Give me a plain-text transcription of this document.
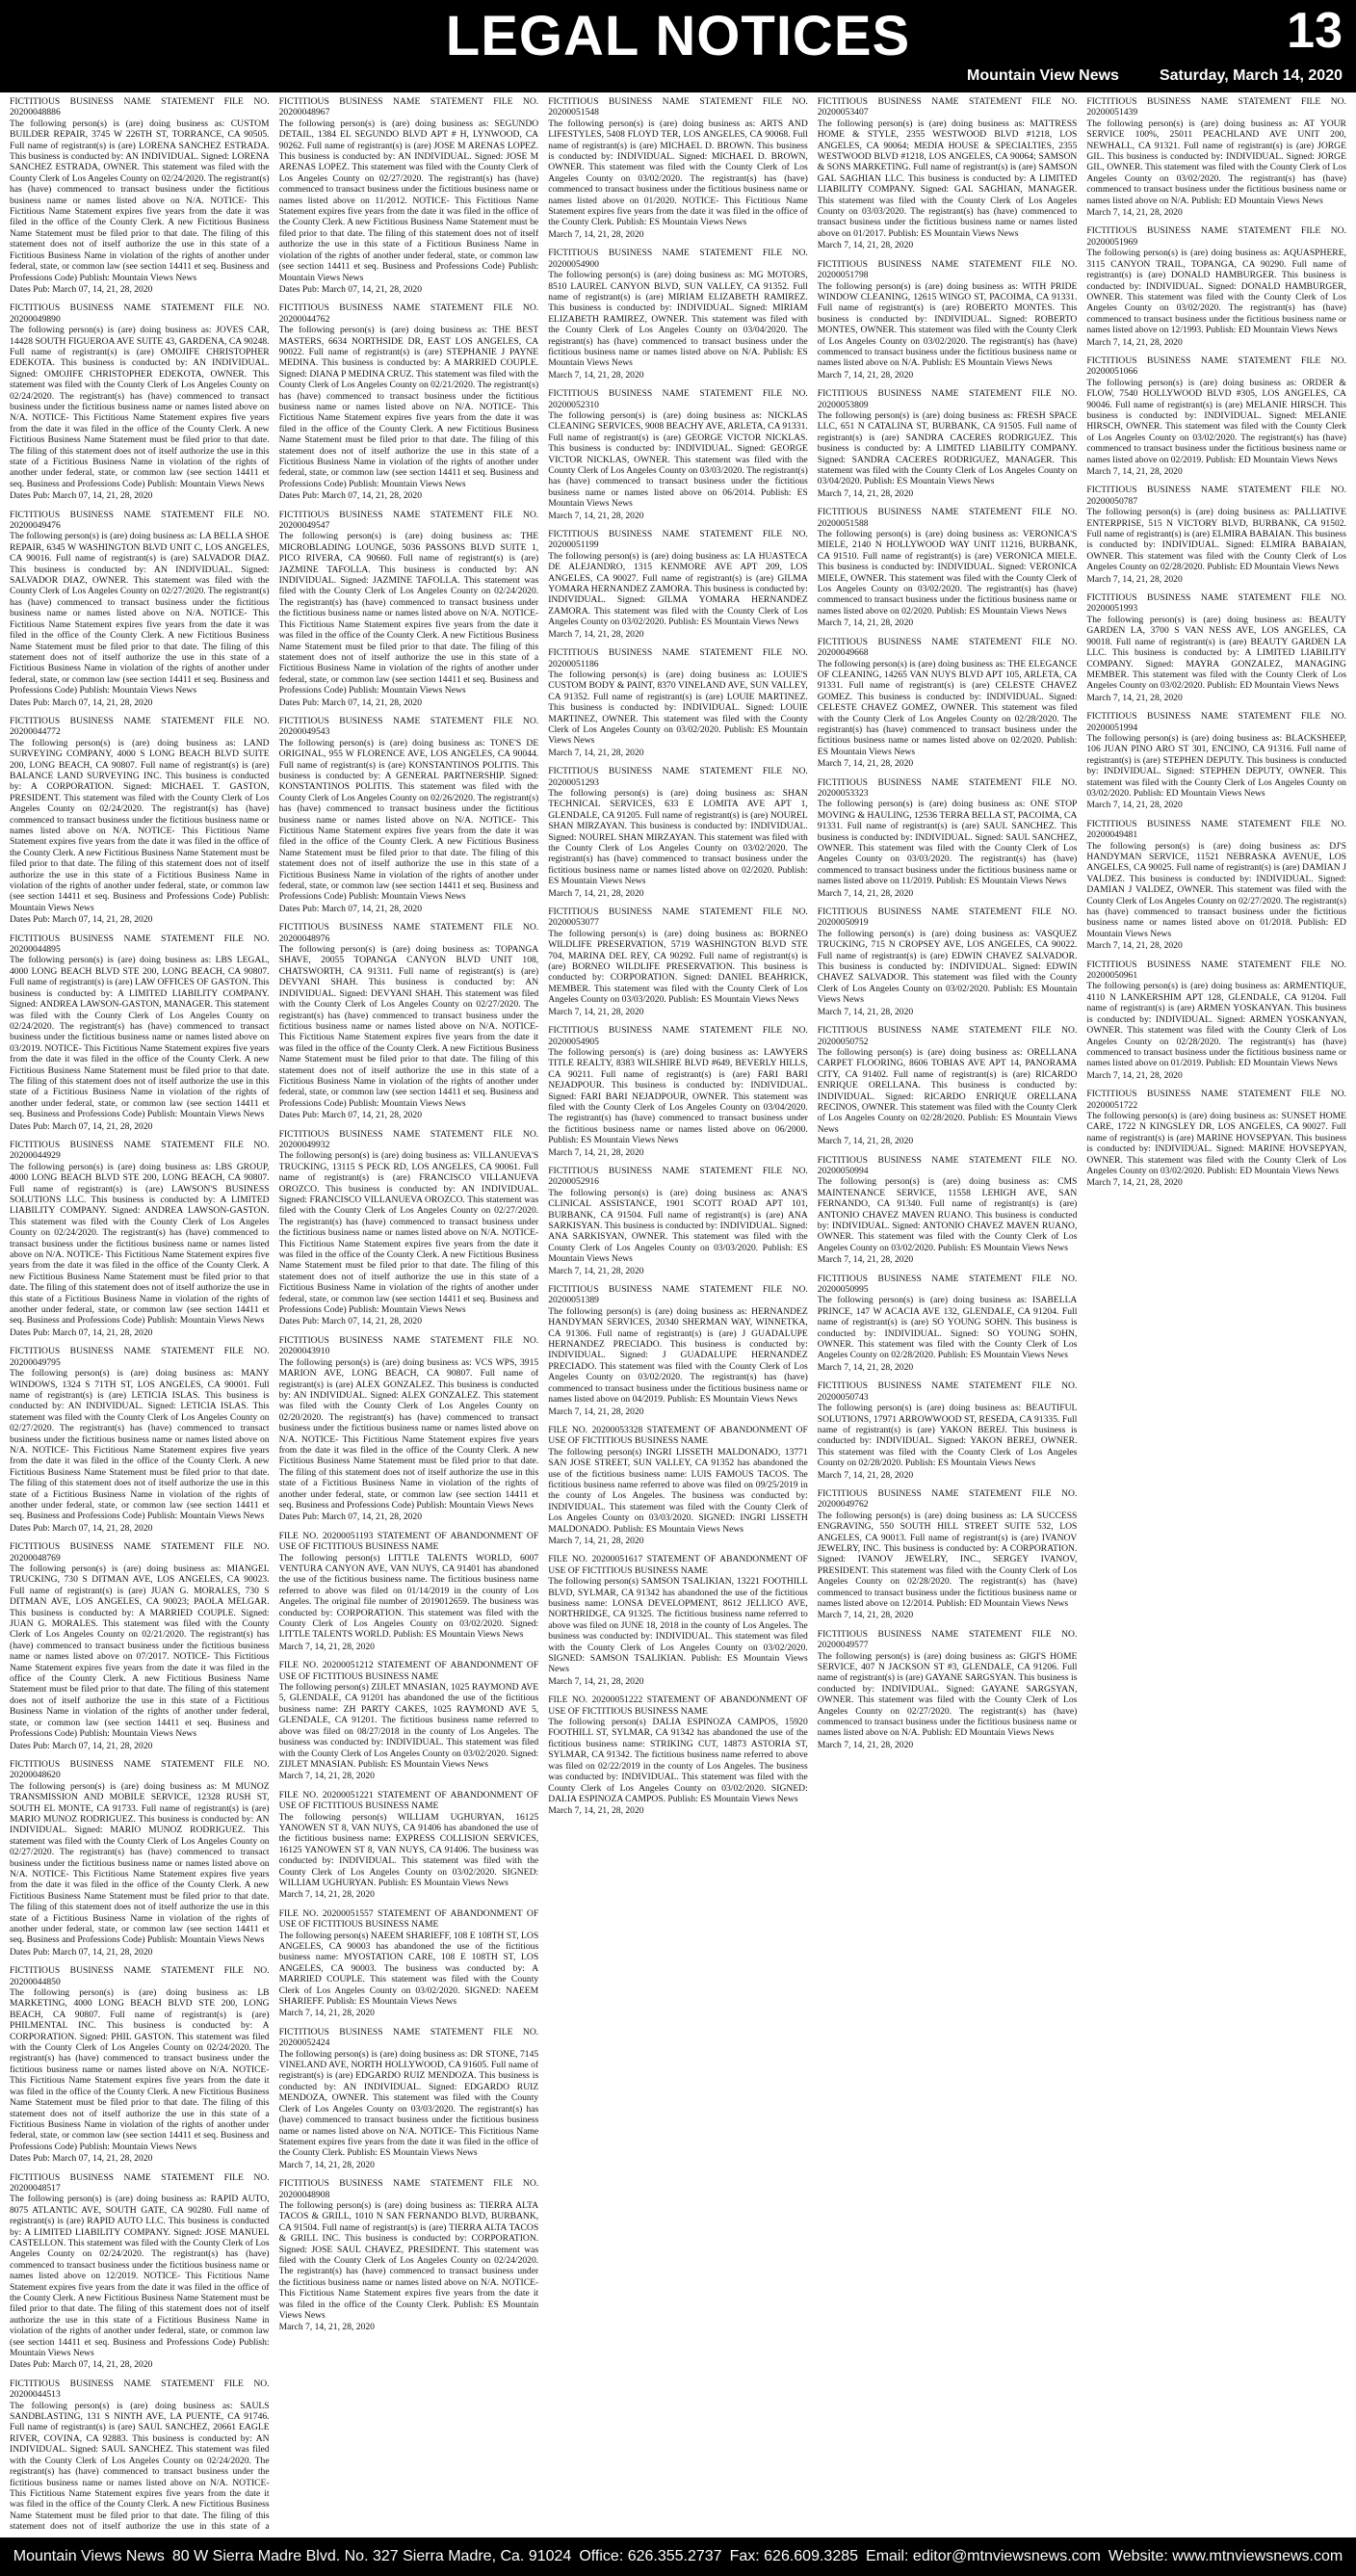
LEGAL NOTICES	13
Mountain View News	Saturday, March 14, 2020

FICTITIOUS BUSINESS NAME STATEMENT FILE NO. 20200048886

The following person(s) is (are) doing business as: CUSTOM BUILDER REPAIR, 3745 W 226TH ST, TORRANCE, CA 90505. Full name of registrant(s) is (are) LORENA SANCHEZ ESTRADA. This business is conducted by: AN INDIVIDUAL. Signed: LORENA SANCHEZ ESTRADA, OWNER. This statement was filed with the County Clerk of Los Angeles County on 02/24/2020. The registrant(s) has (have) commenced to transact business under the fictitious business name or names listed above on N/A. NOTICE- This Fictitious Name Statement expires five years from the date it was filed in the office of the County Clerk. A new Fictitious Business Name Statement must be filed prior to that date. The filing of this statement does not of itself authorize the use in this state of a Fictitious Business Name in violation of the rights of another under federal, state, or common law (see section 14411 et seq. Business and Professions Code) Publish: Mountain Views News

Dates Pub: March 07, 14, 21, 28, 2020

FICTITIOUS BUSINESS NAME STATEMENT FILE NO. 20200049890

The following person(s) is (are) doing business as: JOVES CAR, 14428 SOUTH FIGUEROA AVE SUITE 43, GARDENA, CA 90248. Full name of registrant(s) is (are) OMOJIFE CHRISTOPHER EDEKOTA. This business is conducted by: AN INDIVIDUAL. Signed: OMOJIFE CHRISTOPHER EDEKOTA, OWNER. This statement was filed with the County Clerk of Los Angeles County on 02/24/2020. The registrant(s) has (have) commenced to transact business under the fictitious business name or names listed above on N/A. NOTICE- This Fictitious Name Statement expires five years from the date it was filed in the office of the County Clerk. A new Fictitious Business Name Statement must be filed prior to that date. The filing of this statement does not of itself authorize the use in this state of a Fictitious Business Name in violation of the rights of another under federal, state, or common law (see section 14411 et seq. Business and Professions Code) Publish: Mountain Views News

Dates Pub: March 07, 14, 21, 28, 2020

FICTITIOUS BUSINESS NAME STATEMENT FILE NO. 20200049476

The following person(s) is (are) doing business as: LA BELLA SHOE REPAIR, 6345 W WASHINGTON BLVD UNIT C, LOS ANGELES, CA 90016. Full name of registrant(s) is (are) SALVADOR DIAZ. This business is conducted by: AN INDIVIDUAL. Signed: SALVADOR DIAZ, OWNER. This statement was filed with the County Clerk of Los Angeles County on 02/27/2020. The registrant(s) has (have) commenced to transact business under the fictitious business name or names listed above on N/A. NOTICE- This Fictitious Name Statement expires five years from the date it was filed in the office of the County Clerk. A new Fictitious Business Name Statement must be filed prior to that date. The filing of this statement does not of itself authorize the use in this state of a Fictitious Business Name in violation of the rights of another under federal, state, or common law (see section 14411 et seq. Business and Professions Code) Publish: Mountain Views News

Dates Pub: March 07, 14, 21, 28, 2020

FICTITIOUS BUSINESS NAME STATEMENT FILE NO. 20200044772

The following person(s) is (are) doing business as: LAND SURVEYING COMPANY, 4000 S LONG BEACH BLVD SUITE 200, LONG BEACH, CA 90807. Full name of registrant(s) is (are) BALANCE LAND SURVEYING INC. This business is conducted by: A CORPORATION. Signed: MICHAEL T. GASTON, PRESIDENT. This statement was filed with the County Clerk of Los Angeles County on 02/24/2020. The registrant(s) has (have) commenced to transact business under the fictitious business name or names listed above on N/A. NOTICE- This Fictitious Name Statement expires five years from the date it was filed in the office of the County Clerk. A new Fictitious Business Name Statement must be filed prior to that date. The filing of this statement does not of itself authorize the use in this state of a Fictitious Business Name in violation of the rights of another under federal, state, or common law (see section 14411 et seq. Business and Professions Code) Publish: Mountain Views News

Dates Pub: March 07, 14, 21, 28, 2020

FICTITIOUS BUSINESS NAME STATEMENT FILE NO. 20200044895

The following person(s) is (are) doing business as: LBS LEGAL, 4000 LONG BEACH BLVD STE 200, LONG BEACH, CA 90807. Full name of registrant(s) is (are) LAW OFFICES OF GASTON. This business is conducted by: A LIMITED LIABILITY COMPANY. Signed: ANDREA LAWSON-GASTON, MANAGER. This statement was filed with the County Clerk of Los Angeles County on 02/24/2020. The registrant(s) has (have) commenced to transact business under the fictitious business name or names listed above on 03/2019. NOTICE- This Fictitious Name Statement expires five years from the date it was filed in the office of the County Clerk. A new Fictitious Business Name Statement must be filed prior to that date. The filing of this statement does not of itself authorize the use in this state of a Fictitious Business Name in violation of the rights of another under federal, state, or common law (see section 14411 et seq. Business and Professions Code) Publish: Mountain Views News

Dates Pub: March 07, 14, 21, 28, 2020

FICTITIOUS BUSINESS NAME STATEMENT FILE NO. 20200044929

The following person(s) is (are) doing business as: LBS GROUP, 4000 LONG BEACH BLVD STE 200, LONG BEACH, CA 90807. Full name of registrant(s) is (are) LAWSON'S BUSINESS SOLUTIONS LLC. This business is conducted by: A LIMITED LIABILITY COMPANY. Signed: ANDREA LAWSON-GASTON. This statement was filed with the County Clerk of Los Angeles County on 02/24/2020. The registrant(s) has (have) commenced to transact business under the fictitious business name or names listed above on N/A. NOTICE- This Fictitious Name Statement expires five years from the date it was filed in the office of the County Clerk. A new Fictitious Business Name Statement must be filed prior to that date. The filing of this statement does not of itself authorize the use in this state of a Fictitious Business Name in violation of the rights of another under federal, state, or common law (see section 14411 et seq. Business and Professions Code) Publish: Mountain Views News

Dates Pub: March 07, 14, 21, 28, 2020

FICTITIOUS BUSINESS NAME STATEMENT FILE NO. 20200049795

The following person(s) is (are) doing business as: MANY WINDOWS, 1324 S 71TH ST, LOS ANGELES, CA 90001. Full name of registrant(s) is (are) LETICIA ISLAS. This business is conducted by: AN INDIVIDUAL. Signed: LETICIA ISLAS. This statement was filed with the County Clerk of Los Angeles County on 02/27/2020. The registrant(s) has (have) commenced to transact business under the fictitious business name or names listed above on N/A. NOTICE- This Fictitious Name Statement expires five years from the date it was filed in the office of the County Clerk. A new Fictitious Business Name Statement must be filed prior to that date. The filing of this statement does not of itself authorize the use in this state of a Fictitious Business Name in violation of the rights of another under federal, state, or common law (see section 14411 et seq. Business and Professions Code) Publish: Mountain Views News

Dates Pub: March 07, 14, 21, 28, 2020

FICTITIOUS BUSINESS NAME STATEMENT FILE NO. 20200048769

The following person(s) is (are) doing business as: MIANGEL TRUCKING, 730 S DITMAN AVE, LOS ANGELES, CA 90023. Full name of registrant(s) is (are) JUAN G. MORALES, 730 S DITMAN AVE, LOS ANGELES, CA 90023; PAOLA MELGAR. This business is conducted by: A MARRIED COUPLE. Signed: JUAN G. MORALES. This statement was filed with the County Clerk of Los Angeles County on 02/21/2020. The registrant(s) has (have) commenced to transact business under the fictitious business name or names listed above on 07/2017. NOTICE- This Fictitious Name Statement expires five years from the date it was filed in the office of the County Clerk. A new Fictitious Business Name Statement must be filed prior to that date. The filing of this statement does not of itself authorize the use in this state of a Fictitious Business Name in violation of the rights of another under federal, state, or common law (see section 14411 et seq. Business and Professions Code) Publish: Mountain Views News

Dates Pub: March 07, 14, 21, 28, 2020

FICTITIOUS BUSINESS NAME STATEMENT FILE NO. 20200048620

The following person(s) is (are) doing business as: M MUNOZ TRANSMISSION AND MOBILE SERVICE, 12328 RUSH ST, SOUTH EL MONTE, CA 91733. Full name of registrant(s) is (are) MARIO MUNOZ RODRIGUEZ. This business is conducted by: AN INDIVIDUAL. Signed: MARIO MUNOZ RODRIGUEZ. This statement was filed with the County Clerk of Los Angeles County on 02/27/2020. The registrant(s) has (have) commenced to transact business under the fictitious business name or names listed above on N/A. NOTICE- This Fictitious Name Statement expires five years from the date it was filed in the office of the County Clerk. A new Fictitious Business Name Statement must be filed prior to that date. The filing of this statement does not of itself authorize the use in this state of a Fictitious Business Name in violation of the rights of another under federal, state, or common law (see section 14411 et seq. Business and Professions Code) Publish: Mountain Views News

Dates Pub: March 07, 14, 21, 28, 2020

FICTITIOUS BUSINESS NAME STATEMENT FILE NO. 20200044850

The following person(s) is (are) doing business as: LB MARKETING, 4000 LONG BEACH BLVD STE 200, LONG BEACH, CA 90807. Full name of registrant(s) is (are) PHILMENTAL INC. This business is conducted by: A CORPORATION. Signed: PHIL GASTON. This statement was filed with the County Clerk of Los Angeles County on 02/24/2020. The registrant(s) has (have) commenced to transact business under the fictitious business name or names listed above on N/A. NOTICE- This Fictitious Name Statement expires five years from the date it was filed in the office of the County Clerk. A new Fictitious Business Name Statement must be filed prior to that date. The filing of this statement does not of itself authorize the use in this state of a Fictitious Business Name in violation of the rights of another under federal, state, or common law (see section 14411 et seq. Business and Professions Code) Publish: Mountain Views News

Dates Pub: March 07, 14, 21, 28, 2020

FICTITIOUS BUSINESS NAME STATEMENT FILE NO. 20200048517

The following person(s) is (are) doing business as: RAPID AUTO, 8075 ATLANTIC AVE, SOUTH GATE, CA 90280. Full name of registrant(s) is (are) RAPID AUTO LLC. This business is conducted by: A LIMITED LIABILITY COMPANY. Signed: JOSE MANUEL CASTELLON. This statement was filed with the County Clerk of Los Angeles County on 02/24/2020. The registrant(s) has (have) commenced to transact business under the fictitious business name or names listed above on 12/2019. NOTICE- This Fictitious Name Statement expires five years from the date it was filed in the office of the County Clerk. A new Fictitious Business Name Statement must be filed prior to that date. The filing of this statement does not of itself authorize the use in this state of a Fictitious Business Name in violation of the rights of another under federal, state, or common law (see section 14411 et seq. Business and Professions Code) Publish: Mountain Views News

Dates Pub: March 07, 14, 21, 28, 2020

FICTITIOUS BUSINESS NAME STATEMENT FILE NO. 20200044513

The following person(s) is (are) doing business as: SAULS SANDBLASTING, 131 S NINTH AVE, LA PUENTE, CA 91746. Full name of registrant(s) is (are) SAUL SANCHEZ, 20661 EAGLE RIVER, COVINA, CA 92883. This business is conducted by: AN INDIVIDUAL. Signed: SAUL SANCHEZ. This statement was filed with the County Clerk of Los Angeles County on 02/24/2020. The registrant(s) has (have) commenced to transact business under the fictitious business name or names listed above on N/A. NOTICE- This Fictitious Name Statement expires five years from the date it was filed in the office of the County Clerk. A new Fictitious Business Name Statement must be filed prior to that date. The filing of this statement does not of itself authorize the use in this state of a

FICTITIOUS BUSINESS NAME STATEMENT FILE NO. 20200048967

The following person(s) is (are) doing business as: SEGUNDO DETAIL, 1384 EL SEGUNDO BLVD APT # H, LYNWOOD, CA 90262. Full name of registrant(s) is (are) JOSE M ARENAS LOPEZ. This business is conducted by: AN INDIVIDUAL. Signed: JOSE M ARENAS LOPEZ. This statement was filed with the County Clerk of Los Angeles County on 02/27/2020. The registrant(s) has (have) commenced to transact business under the fictitious business name or names listed above on 11/2012. NOTICE- This Fictitious Name Statement expires five years from the date it was filed in the office of the County Clerk. A new Fictitious Business Name Statement must be filed prior to that date. The filing of this statement does not of itself authorize the use in this state of a Fictitious Business Name in violation of the rights of another under federal, state, or common law (see section 14411 et seq. Business and Professions Code) Publish: Mountain Views News

Dates Pub: March 07, 14, 21, 28, 2020

FICTITIOUS BUSINESS NAME STATEMENT FILE NO. 20200044762

The following person(s) is (are) doing business as: THE BEST MASTERS, 6634 NORTHSIDE DR, EAST LOS ANGELES, CA 90022. Full name of registrant(s) is (are) STEPHANIE J PAYNE MEDINA. This business is conducted by: A MARRIED COUPLE. Signed: DIANA P MEDINA CRUZ. This statement was filed with the County Clerk of Los Angeles County on 02/21/2020. The registrant(s) has (have) commenced to transact business under the fictitious business name or names listed above on N/A. NOTICE- This Fictitious Name Statement expires five years from the date it was filed in the office of the County Clerk. A new Fictitious Business Name Statement must be filed prior to that date. The filing of this statement does not of itself authorize the use in this state of a Fictitious Business Name in violation of the rights of another under federal, state, or common law (see section 14411 et seq. Business and Professions Code) Publish: Mountain Views News

Dates Pub: March 07, 14, 21, 28, 2020

FICTITIOUS BUSINESS NAME STATEMENT FILE NO. 20200049547

The following person(s) is (are) doing business as: THE MICROBLADING LOUNGE, 5036 PASSONS BLVD SUITE 1, PICO RIVERA, CA 90660. Full name of registrant(s) is (are) JAZMINE TAFOLLA. This business is conducted by: AN INDIVIDUAL. Signed: JAZMINE TAFOLLA. This statement was filed with the County Clerk of Los Angeles County on 02/24/2020. The registrant(s) has (have) commenced to transact business under the fictitious business name or names listed above on N/A. NOTICE- This Fictitious Name Statement expires five years from the date it was filed in the office of the County Clerk. A new Fictitious Business Name Statement must be filed prior to that date. The filing of this statement does not of itself authorize the use in this state of a Fictitious Business Name in violation of the rights of another under federal, state, or common law (see section 14411 et seq. Business and Professions Code) Publish: Mountain Views News

Dates Pub: March 07, 14, 21, 28, 2020

FICTITIOUS BUSINESS NAME STATEMENT FILE NO. 20200049543

The following person(s) is (are) doing business as: TONE'S DE ORIGINAL, 955 W FLORENCE AVE, LOS ANGELES, CA 90044. Full name of registrant(s) is (are) KONSTANTINOS POLITIS. This business is conducted by: A GENERAL PARTNERSHIP. Signed: KONSTANTINOS POLITIS. This statement was filed with the County Clerk of Los Angeles County on 02/26/2020. The registrant(s) has (have) commenced to transact business under the fictitious business name or names listed above on N/A. NOTICE- This Fictitious Name Statement expires five years from the date it was filed in the office of the County Clerk. A new Fictitious Business Name Statement must be filed prior to that date. The filing of this statement does not of itself authorize the use in this state of a Fictitious Business Name in violation of the rights of another under federal, state, or common law (see section 14411 et seq. Business and Professions Code) Publish: Mountain Views News

Dates Pub: March 07, 14, 21, 28, 2020

FICTITIOUS BUSINESS NAME STATEMENT FILE NO. 20200048976

The following person(s) is (are) doing business as: TOPANGA SHAVE, 20055 TOPANGA CANYON BLVD UNIT 108, CHATSWORTH, CA 91311. Full name of registrant(s) is (are) DEVYANI SHAH. This business is conducted by: AN INDIVIDUAL. Signed: DEVYANI SHAH. This statement was filed with the County Clerk of Los Angeles County on 02/27/2020. The registrant(s) has (have) commenced to transact business under the fictitious business name or names listed above on N/A. NOTICE- This Fictitious Name Statement expires five years from the date it was filed in the office of the County Clerk. A new Fictitious Business Name Statement must be filed prior to that date. The filing of this statement does not of itself authorize the use in this state of a Fictitious Business Name in violation of the rights of another under federal, state, or common law (see section 14411 et seq. Business and Professions Code) Publish: Mountain Views News

Dates Pub: March 07, 14, 21, 28, 2020

FICTITIOUS BUSINESS NAME STATEMENT FILE NO. 20200049932

The following person(s) is (are) doing business as: VILLANUEVA'S TRUCKING, 13115 S PECK RD, LOS ANGELES, CA 90061. Full name of registrant(s) is (are) FRANCISCO VILLANUEVA OROZCO. This business is conducted by: AN INDIVIDUAL. Signed: FRANCISCO VILLANUEVA OROZCO. This statement was filed with the County Clerk of Los Angeles County on 02/27/2020. The registrant(s) has (have) commenced to transact business under the fictitious business name or names listed above on N/A. NOTICE- This Fictitious Name Statement expires five years from the date it was filed in the office of the County Clerk. A new Fictitious Business Name Statement must be filed prior to that date. The filing of this statement does not of itself authorize the use in this state of a Fictitious Business Name in violation of the rights of another under federal, state, or common law (see section 14411 et seq. Business and Professions Code) Publish: Mountain Views News

Dates Pub: March 07, 14, 21, 28, 2020

FICTITIOUS BUSINESS NAME STATEMENT FILE NO. 20200043910

The following person(s) is (are) doing business as: VCS WPS, 3915 MARION AVE, LONG BEACH, CA 90807. Full name of registrant(s) is (are) ALEX GONZALEZ. This business is conducted by: AN INDIVIDUAL. Signed: ALEX GONZALEZ. This statement was filed with the County Clerk of Los Angeles County on 02/20/2020. The registrant(s) has (have) commenced to transact business under the fictitious business name or names listed above on N/A. NOTICE- This Fictitious Name Statement expires five years from the date it was filed in the office of the County Clerk. A new Fictitious Business Name Statement must be filed prior to that date. The filing of this statement does not of itself authorize the use in this state of a Fictitious Business Name in violation of the rights of another under federal, state, or common law (see section 14411 et seq. Business and Professions Code) Publish: Mountain Views News

Dates Pub: March 07, 14, 21, 28, 2020

FILE NO. 20200051193 STATEMENT OF ABANDONMENT OF USE OF FICTITIOUS BUSINESS NAME

The following person(s) LITTLE TALENTS WORLD, 6007 VENTURA CANYON AVE, VAN NUYS, CA 91401 has abandoned the use of the fictitious business name. The fictitious business name referred to above was filed on 01/14/2019 in the county of Los Angeles. The original file number of 2019012659. The business was conducted by: CORPORATION. This statement was filed with the County Clerk of Los Angeles County on 03/02/2020. Signed: LITTLE TALENTS WORLD. Publish: ES Mountain Views News

March 7, 14, 21, 28, 2020

FILE NO. 20200051212 STATEMENT OF ABANDONMENT OF USE OF FICTITIOUS BUSINESS NAME

The following person(s) ZIJLET MNASIAN, 1025 RAYMOND AVE 5, GLENDALE, CA 91201 has abandoned the use of the fictitious business name: ZH PARTY CAKES, 1025 RAYMOND AVE 5, GLENDALE, CA 91201. The fictitious business name referred to above was filed on 08/27/2018 in the county of Los Angeles. The business was conducted by: INDIVIDUAL. This statement was filed with the County Clerk of Los Angeles County on 03/02/2020. Signed: ZIJLET MNASIAN. Publish: ES Mountain Views News

March 7, 14, 21, 28, 2020

FILE NO. 20200051221 STATEMENT OF ABANDONMENT OF USE OF FICTITIOUS BUSINESS NAME

The following person(s) WILLIAM UGHURYAN, 16125 YANOWEN ST 8, VAN NUYS, CA 91406 has abandoned the use of the fictitious business name: EXPRESS COLLISION SERVICES, 16125 YANOWEN ST 8, VAN NUYS, CA 91406. The business was conducted by: INDIVIDUAL. This statement was filed with the County Clerk of Los Angeles County on 03/02/2020. SIGNED: WILLIAM UGHURYAN. Publish: ES Mountain Views News

March 7, 14, 21, 28, 2020

FILE NO. 20200051557 STATEMENT OF ABANDONMENT OF USE OF FICTITIOUS BUSINESS NAME

The following person(s) NAEEM SHARIEFF, 108 E 108TH ST, LOS ANGELES, CA 90003 has abandoned the use of the fictitious business name: MYOSTATION CARE, 108 E 108TH ST, LOS ANGELES, CA 90003. The business was conducted by: A MARRIED COUPLE. This statement was filed with the County Clerk of Los Angeles County on 03/02/2020. SIGNED: NAEEM SHARIEFF. Publish: ES Mountain Views News

March 7, 14, 21, 28, 2020

FICTITIOUS BUSINESS NAME STATEMENT FILE NO. 20200052424

The following person(s) is (are) doing business as: DR STONE, 7145 VINELAND AVE, NORTH HOLLYWOOD, CA 91605. Full name of registrant(s) is (are) EDGARDO RUIZ MENDOZA. This business is conducted by: AN INDIVIDUAL. Signed: EDGARDO RUIZ MENDOZA, OWNER. This statement was filed with the County Clerk of Los Angeles County on 03/03/2020. The registrant(s) has (have) commenced to transact business under the fictitious business name or names listed above on N/A. NOTICE- This Fictitious Name Statement expires five years from the date it was filed in the office of the County Clerk. Publish: ES Mountain Views News

March 7, 14, 21, 28, 2020

FICTITIOUS BUSINESS NAME STATEMENT FILE NO. 20200048908

The following person(s) is (are) doing business as: TIERRA ALTA TACOS & GRILL, 1010 N SAN FERNANDO BLVD, BURBANK, CA 91504. Full name of registrant(s) is (are) TIERRA ALTA TACOS & GRILL INC. This business is conducted by: CORPORATION. Signed: JOSE SAUL CHAVEZ, PRESIDENT. This statement was filed with the County Clerk of Los Angeles County on 02/24/2020. The registrant(s) has (have) commenced to transact business under the fictitious business name or names listed above on N/A. NOTICE- This Fictitious Name Statement expires five years from the date it was filed in the office of the County Clerk. Publish: ES Mountain Views News

March 7, 14, 21, 28, 2020

FICTITIOUS BUSINESS NAME STATEMENT FILE NO. 20200051548

The following person(s) is (are) doing business as: ARTS AND LIFESTYLES, 5408 FLOYD TER, LOS ANGELES, CA 90068. Full name of registrant(s) is (are) MICHAEL D. BROWN. This business is conducted by: INDIVIDUAL. Signed: MICHAEL D. BROWN, OWNER. This statement was filed with the County Clerk of Los Angeles County on 03/02/2020. The registrant(s) has (have) commenced to transact business under the fictitious business name or names listed above on 01/2020. NOTICE- This Fictitious Name Statement expires five years from the date it was filed in the office of the County Clerk. Publish: ES Mountain Views News

March 7, 14, 21, 28, 2020

FICTITIOUS BUSINESS NAME STATEMENT FILE NO. 20200054900

The following person(s) is (are) doing business as: MG MOTORS, 8510 LAUREL CANYON BLVD, SUN VALLEY, CA 91352. Full name of registrant(s) is (are) MIRIAM ELIZABETH RAMIREZ. This business is conducted by: INDIVIDUAL. Signed: MIRIAM ELIZABETH RAMIREZ, OWNER. This statement was filed with the County Clerk of Los Angeles County on 03/04/2020. The registrant(s) has (have) commenced to transact business under the fictitious business name or names listed above on N/A. Publish: ES Mountain Views News

March 7, 14, 21, 28, 2020

FICTITIOUS BUSINESS NAME STATEMENT FILE NO. 20200052310

The following person(s) is (are) doing business as: NICKLAS CLEANING SERVICES, 9008 BEACHY AVE, ARLETA, CA 91331. Full name of registrant(s) is (are) GEORGE VICTOR NICKLAS. This business is conducted by: INDIVIDUAL. Signed: GEORGE VICTOR NICKLAS, OWNER. This statement was filed with the County Clerk of Los Angeles County on 03/03/2020. The registrant(s) has (have) commenced to transact business under the fictitious business name or names listed above on 06/2014. Publish: ES Mountain Views News

March 7, 14, 21, 28, 2020

FICTITIOUS BUSINESS NAME STATEMENT FILE NO. 20200051199

The following person(s) is (are) doing business as: LA HUASTECA DE ALEJANDRO, 1315 KENMORE AVE APT 209, LOS ANGELES, CA 90027. Full name of registrant(s) is (are) GILMA YOMARA HERNANDEZ ZAMORA. This business is conducted by: INDIVIDUAL. Signed: GILMA YOMARA HERNANDEZ ZAMORA. This statement was filed with the County Clerk of Los Angeles County on 03/02/2020. Publish: ES Mountain Views News

March 7, 14, 21, 28, 2020

FICTITIOUS BUSINESS NAME STATEMENT FILE NO. 20200051186

The following person(s) is (are) doing business as: LOUIE'S CUSTOM BODY & PAINT, 8370 VINELAND AVE, SUN VALLEY, CA 91352. Full name of registrant(s) is (are) LOUIE MARTINEZ. This business is conducted by: INDIVIDUAL. Signed: LOUIE MARTINEZ, OWNER. This statement was filed with the County Clerk of Los Angeles County on 03/02/2020. Publish: ES Mountain Views News

March 7, 14, 21, 28, 2020

FICTITIOUS BUSINESS NAME STATEMENT FILE NO. 20200051293

The following person(s) is (are) doing business as: SHAN TECHNICAL SERVICES, 633 E LOMITA AVE APT 1, GLENDALE, CA 91205. Full name of registrant(s) is (are) NOUREL SHAN MIRZAYAN. This business is conducted by: INDIVIDUAL. Signed: NOUREL SHAN MIRZAYAN. This statement was filed with the County Clerk of Los Angeles County on 03/02/2020. The registrant(s) has (have) commenced to transact business under the fictitious business name or names listed above on 02/2020. Publish: ES Mountain Views News

March 7, 14, 21, 28, 2020

FICTITIOUS BUSINESS NAME STATEMENT FILE NO. 20200053077

The following person(s) is (are) doing business as: BORNEO WILDLIFE PRESERVATION, 5719 WASHINGTON BLVD STE 704, MARINA DEL REY, CA 90292. Full name of registrant(s) is (are) BORNEO WILDLIFE PRESERVATION. This business is conducted by: CORPORATION. Signed: DANIEL BEAHRICK, MEMBER. This statement was filed with the County Clerk of Los Angeles County on 03/03/2020. Publish: ES Mountain Views News

March 7, 14, 21, 28, 2020

FICTITIOUS BUSINESS NAME STATEMENT FILE NO. 20200054905

The following person(s) is (are) doing business as: LAWYERS TITLE REALTY, 8383 WILSHIRE BLVD #649, BEVERLY HILLS, CA 90211. Full name of registrant(s) is (are) FARI BARI NEJADPOUR. This business is conducted by: INDIVIDUAL. Signed: FARI BARI NEJADPOUR, OWNER. This statement was filed with the County Clerk of Los Angeles County on 03/04/2020. The registrant(s) has (have) commenced to transact business under the fictitious business name or names listed above on 06/2000. Publish: ES Mountain Views News

March 7, 14, 21, 28, 2020

FICTITIOUS BUSINESS NAME STATEMENT FILE NO. 20200052916

The following person(s) is (are) doing business as: ANA'S CLINICAL ASSISTANCE, 1901 SCOTT ROAD APT 101, BURBANK, CA 91504. Full name of registrant(s) is (are) ANA SARKISYAN. This business is conducted by: INDIVIDUAL. Signed: ANA SARKISYAN, OWNER. This statement was filed with the County Clerk of Los Angeles County on 03/03/2020. Publish: ES Mountain Views News

March 7, 14, 21, 28, 2020

FICTITIOUS BUSINESS NAME STATEMENT FILE NO. 20200051389

The following person(s) is (are) doing business as: HERNANDEZ HANDYMAN SERVICES, 20340 SHERMAN WAY, WINNETKA, CA 91306. Full name of registrant(s) is (are) J GUADALUPE HERNANDEZ PRECIADO. This business is conducted by: INDIVIDUAL. Signed: J GUADALUPE HERNANDEZ PRECIADO. This statement was filed with the County Clerk of Los Angeles County on 03/02/2020. The registrant(s) has (have) commenced to transact business under the fictitious business name or names listed above on 04/2019. Publish: ES Mountain Views News

March 7, 14, 21, 28, 2020

FILE NO. 20200053328 STATEMENT OF ABANDONMENT OF USE OF FICTITIOUS BUSINESS NAME

The following person(s) INGRI LISSETH MALDONADO, 13771 SAN JOSE STREET, SUN VALLEY, CA 91352 has abandoned the use of the fictitious business name: LUIS FAMOUS TACOS. The fictitious business name referred to above was filed on 09/25/2019 in the county of Los Angeles. The business was conducted by: INDIVIDUAL. This statement was filed with the County Clerk of Los Angeles County on 03/03/2020. SIGNED: INGRI LISSETH MALDONADO. Publish: ES Mountain Views News

March 7, 14, 21, 28, 2020

FILE NO. 20200051617 STATEMENT OF ABANDONMENT OF USE OF FICTITIOUS BUSINESS NAME

The following person(s) SAMSON TSALIKIAN, 13221 FOOTHILL BLVD, SYLMAR, CA 91342 has abandoned the use of the fictitious business name: LONSA DEVELOPMENT, 8612 JELLICO AVE, NORTHRIDGE, CA 91325. The fictitious business name referred to above was filed on JUNE 18, 2018 in the county of Los Angeles. The business was conducted by: INDIVIDUAL. This statement was filed with the County Clerk of Los Angeles County on 03/02/2020. SIGNED: SAMSON TSALIKIAN. Publish: ES Mountain Views News

March 7, 14, 21, 28, 2020

FILE NO. 20200051222 STATEMENT OF ABANDONMENT OF USE OF FICTITIOUS BUSINESS NAME

The following person(s) DALIA ESPINOZA CAMPOS, 15920 FOOTHILL ST, SYLMAR, CA 91342 has abandoned the use of the fictitious business name: STRIKING CUT, 14873 ASTORIA ST, SYLMAR, CA 91342. The fictitious business name referred to above was filed on 02/22/2019 in the county of Los Angeles. The business was conducted by: INDIVIDUAL. This statement was filed with the County Clerk of Los Angeles County on 03/02/2020. SIGNED: DALIA ESPINOZA CAMPOS. Publish: ES Mountain Views News

March 7, 14, 21, 28, 2020

FICTITIOUS BUSINESS NAME STATEMENT FILE NO. 20200053407

The following person(s) is (are) doing business as: MATTRESS HOME & STYLE, 2355 WESTWOOD BLVD #1218, LOS ANGELES, CA 90064; MEDIA HOUSE & SPECIALTIES, 2355 WESTWOOD BLVD #1218, LOS ANGELES, CA 90064; SAMSON & SONS MARKETING. Full name of registrant(s) is (are) SAMSON GAL SAGHIAN LLC. This business is conducted by: A LIMITED LIABILITY COMPANY. Signed: GAL SAGHIAN, MANAGER. This statement was filed with the County Clerk of Los Angeles County on 03/03/2020. The registrant(s) has (have) commenced to transact business under the fictitious business name or names listed above on 01/2017. Publish: ES Mountain Views News

March 7, 14, 21, 28, 2020

FICTITIOUS BUSINESS NAME STATEMENT FILE NO. 20200051798

The following person(s) is (are) doing business as: WITH PRIDE WINDOW CLEANING, 12615 WINGO ST, PACOIMA, CA 91331. Full name of registrant(s) is (are) ROBERTO MONTES. This business is conducted by: INDIVIDUAL. Signed: ROBERTO MONTES, OWNER. This statement was filed with the County Clerk of Los Angeles County on 03/02/2020. The registrant(s) has (have) commenced to transact business under the fictitious business name or names listed above on N/A. Publish: ES Mountain Views News

March 7, 14, 21, 28, 2020

FICTITIOUS BUSINESS NAME STATEMENT FILE NO. 20200053809

The following person(s) is (are) doing business as: FRESH SPACE LLC, 651 N CATALINA ST, BURBANK, CA 91505. Full name of registrant(s) is (are) SANDRA CACERES RODRIGUEZ. This business is conducted by: A LIMITED LIABILITY COMPANY. Signed: SANDRA CACERES RODRIGUEZ, MANAGER. This statement was filed with the County Clerk of Los Angeles County on 03/04/2020. Publish: ES Mountain Views News

March 7, 14, 21, 28, 2020

FICTITIOUS BUSINESS NAME STATEMENT FILE NO. 20200051588

The following person(s) is (are) doing business as: VERONICA'S MIELE, 2140 N HOLLYWOOD WAY UNIT 11216, BURBANK, CA 91510. Full name of registrant(s) is (are) VERONICA MIELE. This business is conducted by: INDIVIDUAL. Signed: VERONICA MIELE, OWNER. This statement was filed with the County Clerk of Los Angeles County on 03/02/2020. The registrant(s) has (have) commenced to transact business under the fictitious business name or names listed above on 02/2020. Publish: ES Mountain Views News

March 7, 14, 21, 28, 2020

FICTITIOUS BUSINESS NAME STATEMENT FILE NO. 20200049668

The following person(s) is (are) doing business as: THE ELEGANCE OF CLEANING, 14265 VAN NUYS BLVD APT 105, ARLETA, CA 91331. Full name of registrant(s) is (are) CELESTE CHAVEZ GOMEZ. This business is conducted by: INDIVIDUAL. Signed: CELESTE CHAVEZ GOMEZ, OWNER. This statement was filed with the County Clerk of Los Angeles County on 02/28/2020. The registrant(s) has (have) commenced to transact business under the fictitious business name or names listed above on 02/2020. Publish: ES Mountain Views News

March 7, 14, 21, 28, 2020

FICTITIOUS BUSINESS NAME STATEMENT FILE NO. 20200053323

The following person(s) is (are) doing business as: ONE STOP MOVING & HAULING, 12536 TERRA BELLA ST, PACOIMA, CA 91331. Full name of registrant(s) is (are) SAUL SANCHEZ. This business is conducted by: INDIVIDUAL. Signed: SAUL SANCHEZ, OWNER. This statement was filed with the County Clerk of Los Angeles County on 03/03/2020. The registrant(s) has (have) commenced to transact business under the fictitious business name or names listed above on 11/2019. Publish: ES Mountain Views News

March 7, 14, 21, 28, 2020

FICTITIOUS BUSINESS NAME STATEMENT FILE NO. 20200050919

The following person(s) is (are) doing business as: VASQUEZ TRUCKING, 715 N CROPSEY AVE, LOS ANGELES, CA 90022. Full name of registrant(s) is (are) EDWIN CHAVEZ SALVADOR. This business is conducted by: INDIVIDUAL. Signed: EDWIN CHAVEZ SALVADOR. This statement was filed with the County Clerk of Los Angeles County on 03/02/2020. Publish: ES Mountain Views News

March 7, 14, 21, 28, 2020

FICTITIOUS BUSINESS NAME STATEMENT FILE NO. 20200050752

The following person(s) is (are) doing business as: ORELLANA CARPET FLOORING, 8606 TOBIAS AVE APT 14, PANORAMA CITY, CA 91402. Full name of registrant(s) is (are) RICARDO ENRIQUE ORELLANA. This business is conducted by: INDIVIDUAL. Signed: RICARDO ENRIQUE ORELLANA RECINOS, OWNER. This statement was filed with the County Clerk of Los Angeles County on 02/28/2020. Publish: ES Mountain Views News

March 7, 14, 21, 28, 2020

FICTITIOUS BUSINESS NAME STATEMENT FILE NO. 20200050994

The following person(s) is (are) doing business as: CMS MAINTENANCE SERVICE, 11558 LEHIGH AVE, SAN FERNANDO, CA 91340. Full name of registrant(s) is (are) ANTONIO CHAVEZ MAVEN RUANO. This business is conducted by: INDIVIDUAL. Signed: ANTONIO CHAVEZ MAVEN RUANO, OWNER. This statement was filed with the County Clerk of Los Angeles County on 03/02/2020. Publish: ES Mountain Views News

March 7, 14, 21, 28, 2020

FICTITIOUS BUSINESS NAME STATEMENT FILE NO. 20200050995

The following person(s) is (are) doing business as: ISABELLA PRINCE, 147 W ACACIA AVE 132, GLENDALE, CA 91204. Full name of registrant(s) is (are) SO YOUNG SOHN. This business is conducted by: INDIVIDUAL. Signed: SO YOUNG SOHN, OWNER. This statement was filed with the County Clerk of Los Angeles County on 02/28/2020. Publish: ES Mountain Views News

March 7, 14, 21, 28, 2020

FICTITIOUS BUSINESS NAME STATEMENT FILE NO. 20200050743

The following person(s) is (are) doing business as: BEAUTIFUL SOLUTIONS, 17971 ARROWWOOD ST, RESEDA, CA 91335. Full name of registrant(s) is (are) YAKON BEREJ. This business is conducted by: INDIVIDUAL. Signed: YAKON BEREJ, OWNER. This statement was filed with the County Clerk of Los Angeles County on 02/28/2020. Publish: ES Mountain Views News

March 7, 14, 21, 28, 2020

FICTITIOUS BUSINESS NAME STATEMENT FILE NO. 20200049762

The following person(s) is (are) doing business as: LA SUCCESS ENGRAVING, 550 SOUTH HILL STREET SUITE 532, LOS ANGELES, CA 90013. Full name of registrant(s) is (are) IVANOV JEWELRY, INC. This business is conducted by: A CORPORATION. Signed: IVANOV JEWELRY, INC., SERGEY IVANOV, PRESIDENT. This statement was filed with the County Clerk of Los Angeles County on 02/28/2020. The registrant(s) has (have) commenced to transact business under the fictitious business name or names listed above on 12/2014. Publish: ED Mountain Views News

March 7, 14, 21, 28, 2020

FICTITIOUS BUSINESS NAME STATEMENT FILE NO. 20200049577

The following person(s) is (are) doing business as: GIGI'S HOME SERVICE, 407 N JACKSON ST #3, GLENDALE, CA 91206. Full name of registrant(s) is (are) GAYANE SARGSYAN. This business is conducted by: INDIVIDUAL. Signed: GAYANE SARGSYAN, OWNER. This statement was filed with the County Clerk of Los Angeles County on 02/27/2020. The registrant(s) has (have) commenced to transact business under the fictitious business name or names listed above on N/A. Publish: ED Mountain Views News

March 7, 14, 21, 28, 2020

FICTITIOUS BUSINESS NAME STATEMENT FILE NO. 20200051439

The following person(s) is (are) doing business as: AT YOUR SERVICE 100%, 25011 PEACHLAND AVE UNIT 200, NEWHALL, CA 91321. Full name of registrant(s) is (are) JORGE GIL. This business is conducted by: INDIVIDUAL. Signed: JORGE GIL, OWNER. This statement was filed with the County Clerk of Los Angeles County on 03/02/2020. The registrant(s) has (have) commenced to transact business under the fictitious business name or names listed above on N/A. Publish: ED Mountain Views News

March 7, 14, 21, 28, 2020

FICTITIOUS BUSINESS NAME STATEMENT FILE NO. 20200051969

The following person(s) is (are) doing business as: AQUASPHERE, 3115 CANYON TRAIL, TOPANGA, CA 90290. Full name of registrant(s) is (are) DONALD HAMBURGER. This business is conducted by: INDIVIDUAL. Signed: DONALD HAMBURGER, OWNER. This statement was filed with the County Clerk of Los Angeles County on 03/02/2020. The registrant(s) has (have) commenced to transact business under the fictitious business name or names listed above on 12/1993. Publish: ED Mountain Views News

March 7, 14, 21, 28, 2020

FICTITIOUS BUSINESS NAME STATEMENT FILE NO. 20200051066

The following person(s) is (are) doing business as: ORDER & FLOW, 7540 HOLLYWOOD BLVD #305, LOS ANGELES, CA 90046. Full name of registrant(s) is (are) MELANIE HIRSCH. This business is conducted by: INDIVIDUAL. Signed: MELANIE HIRSCH, OWNER. This statement was filed with the County Clerk of Los Angeles County on 03/02/2020. The registrant(s) has (have) commenced to transact business under the fictitious business name or names listed above on 02/2019. Publish: ED Mountain Views News

March 7, 14, 21, 28, 2020

FICTITIOUS BUSINESS NAME STATEMENT FILE NO. 20200050787

The following person(s) is (are) doing business as: PALLIATIVE ENTERPRISE, 515 N VICTORY BLVD, BURBANK, CA 91502. Full name of registrant(s) is (are) ELMIRA BABAIAN. This business is conducted by: INDIVIDUAL. Signed: ELMIRA BABAIAN, OWNER. This statement was filed with the County Clerk of Los Angeles County on 02/28/2020. Publish: ED Mountain Views News

March 7, 14, 21, 28, 2020

FICTITIOUS BUSINESS NAME STATEMENT FILE NO. 20200051993

The following person(s) is (are) doing business as: BEAUTY GARDEN LA, 3700 S VAN NESS AVE, LOS ANGELES, CA 90018. Full name of registrant(s) is (are) BEAUTY GARDEN LA LLC. This business is conducted by: A LIMITED LIABILITY COMPANY. Signed: MAYRA GONZALEZ, MANAGING MEMBER. This statement was filed with the County Clerk of Los Angeles County on 03/02/2020. Publish: ED Mountain Views News

March 7, 14, 21, 28, 2020

FICTITIOUS BUSINESS NAME STATEMENT FILE NO. 20200051994

The following person(s) is (are) doing business as: BLACKSHEEP, 106 JUAN PINO ARO ST 301, ENCINO, CA 91316. Full name of registrant(s) is (are) STEPHEN DEPUTY. This business is conducted by: INDIVIDUAL. Signed: STEPHEN DEPUTY, OWNER. This statement was filed with the County Clerk of Los Angeles County on 03/02/2020. Publish: ED Mountain Views News

March 7, 14, 21, 28, 2020

FICTITIOUS BUSINESS NAME STATEMENT FILE NO. 20200049481

The following person(s) is (are) doing business as: DJ'S HANDYMAN SERVICE, 11521 NEBRASKA AVENUE, LOS ANGELES, CA 90025. Full name of registrant(s) is (are) DAMIAN J VALDEZ. This business is conducted by: INDIVIDUAL. Signed: DAMIAN J VALDEZ, OWNER. This statement was filed with the County Clerk of Los Angeles County on 02/27/2020. The registrant(s) has (have) commenced to transact business under the fictitious business name or names listed above on 01/2018. Publish: ED Mountain Views News

March 7, 14, 21, 28, 2020

FICTITIOUS BUSINESS NAME STATEMENT FILE NO. 20200050961

The following person(s) is (are) doing business as: ARMENTIQUE, 4110 N LANKERSHIM APT 128, GLENDALE, CA 91204. Full name of registrant(s) is (are) ARMEN YOSKANYAN. This business is conducted by: INDIVIDUAL. Signed: ARMEN YOSKANYAN, OWNER. This statement was filed with the County Clerk of Los Angeles County on 02/28/2020. The registrant(s) has (have) commenced to transact business under the fictitious business name or names listed above on 01/2019. Publish: ED Mountain Views News

March 7, 14, 21, 28, 2020

FICTITIOUS BUSINESS NAME STATEMENT FILE NO. 20200051722

The following person(s) is (are) doing business as: SUNSET HOME CARE, 1722 N KINGSLEY DR, LOS ANGELES, CA 90027. Full name of registrant(s) is (are) MARINE HOVSEPYAN. This business is conducted by: INDIVIDUAL. Signed: MARINE HOVSEPYAN, OWNER. This statement was filed with the County Clerk of Los Angeles County on 03/02/2020. Publish: ED Mountain Views News

March 7, 14, 21, 28, 2020

Mountain Views News 80 W Sierra Madre Blvd. No. 327 Sierra Madre, Ca. 91024 Office: 626.355.2737 Fax: 626.609.3285 Email: editor@mtnviewsnews.com Website: www.mtnviewsnews.com
